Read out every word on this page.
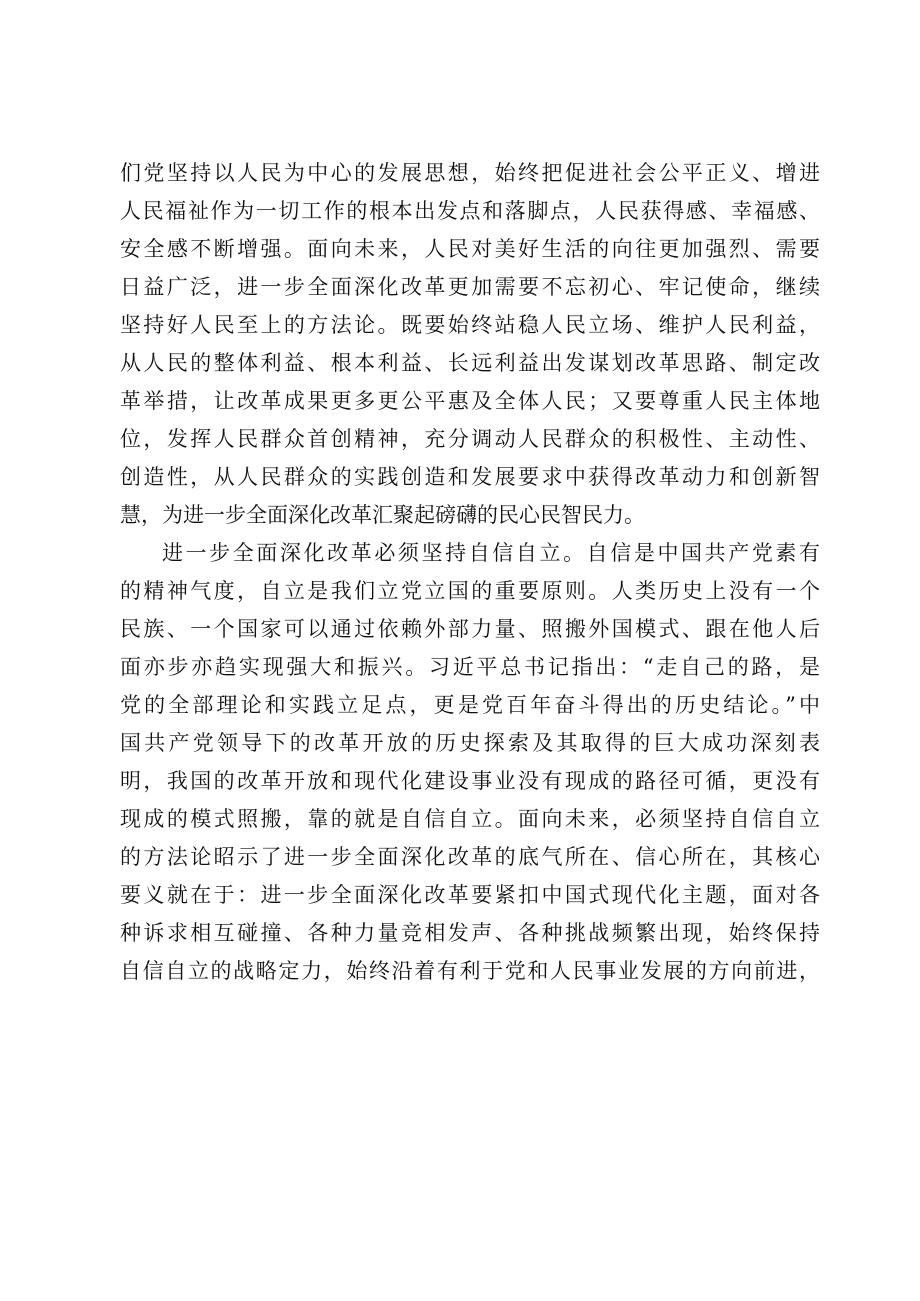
们党坚持以人民为中心的发展思想，始终把促进社会公平正义、增进
人民福祉作为一切工作的根本出发点和落脚点，人民获得感、幸福感、
安全感不断增强。面向未来，人民对美好生活的向往更加强烈、需要
日益广泛，进一步全面深化改革更加需要不忘初心、牢记使命，继续
坚持好人民至上的方法论。既要始终站稳人民立场、维护人民利益，
从人民的整体利益、根本利益、长远利益出发谋划改革思路、制定改
革举措，让改革成果更多更公平惠及全体人民；又要尊重人民主体地
位，发挥人民群众首创精神，充分调动人民群众的积极性、主动性、
创造性，从人民群众的实践创造和发展要求中获得改革动力和创新智
慧，为进一步全面深化改革汇聚起磅礴的民心民智民力。
进一步全面深化改革必须坚持自信自立。自信是中国共产党素有
的精神气度，自立是我们立党立国的重要原则。人类历史上没有一个
民族、一个国家可以通过依赖外部力量、照搬外国模式、跟在他人后
面亦步亦趋实现强大和振兴。习近平总书记指出：“走自己的路，是
党的全部理论和实践立足点，更是党百年奋斗得出的历史结论。”中
国共产党领导下的改革开放的历史探索及其取得的巨大成功深刻表
明，我国的改革开放和现代化建设事业没有现成的路径可循，更没有
现成的模式照搬，靠的就是自信自立。面向未来，必须坚持自信自立
的方法论昭示了进一步全面深化改革的底气所在、信心所在，其核心
要义就在于：进一步全面深化改革要紧扣中国式现代化主题，面对各
种诉求相互碰撞、各种力量竞相发声、各种挑战频繁出现，始终保持
自信自立的战略定力，始终沿着有利于党和人民事业发展的方向前进，
